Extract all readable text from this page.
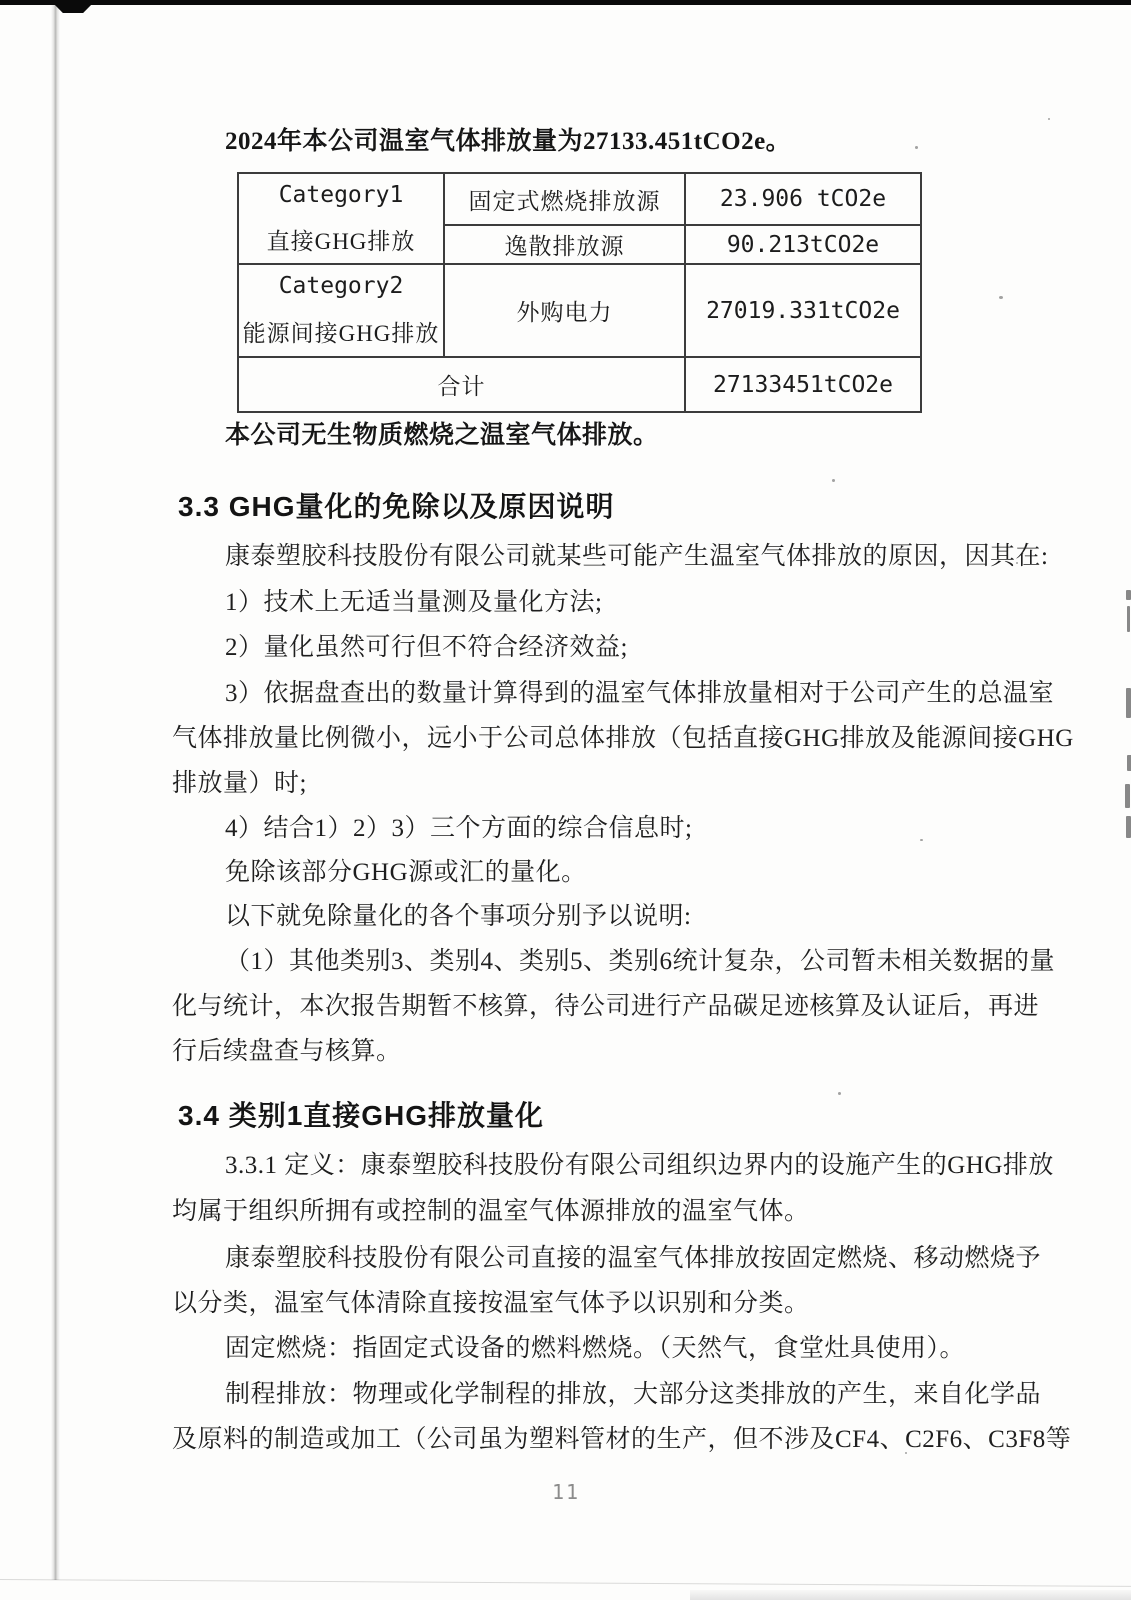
2024年本公司温室气体排放量为27133.451tCO2e。
Category1
直接GHG排放	固定式燃烧排放源	23.906 tCO2e
	逸散排放源	90.213tCO2e

Category2
能源间接GHG排放	外购电力	27019.331tCO2e
合计		27133451tCO2e
本公司无生物质燃烧之温室气体排放。
3.3 GHG量化的免除以及原因说明
康泰塑胶科技股份有限公司就某些可能产生温室气体排放的原因，因其在:
1）技术上无适当量测及量化方法;
2）量化虽然可行但不符合经济效益;
3）依据盘查出的数量计算得到的温室气体排放量相对于公司产生的总温室
气体排放量比例微小，远小于公司总体排放（包括直接GHG排放及能源间接GHG
排放量）时;
4）结合1）2）3）三个方面的综合信息时;
免除该部分GHG源或汇的量化。
以下就免除量化的各个事项分别予以说明:
（1）其他类别3、类别4、类别5、类别6统计复杂，公司暂未相关数据的量
化与统计，本次报告期暂不核算，待公司进行产品碳足迹核算及认证后，再进
行后续盘查与核算。
3.4 类别1直接GHG排放量化
3.3.1 定义：康泰塑胶科技股份有限公司组织边界内的设施产生的GHG排放
均属于组织所拥有或控制的温室气体源排放的温室气体。
康泰塑胶科技股份有限公司直接的温室气体排放按固定燃烧、移动燃烧予
以分类，温室气体清除直接按温室气体予以识别和分类。
固定燃烧：指固定式设备的燃料燃烧。（天然气，食堂灶具使用）。
制程排放：物理或化学制程的排放，大部分这类排放的产生，来自化学品
及原料的制造或加工（公司虽为塑料管材的生产，但不涉及CF4、C2F6、C3F8等
11
